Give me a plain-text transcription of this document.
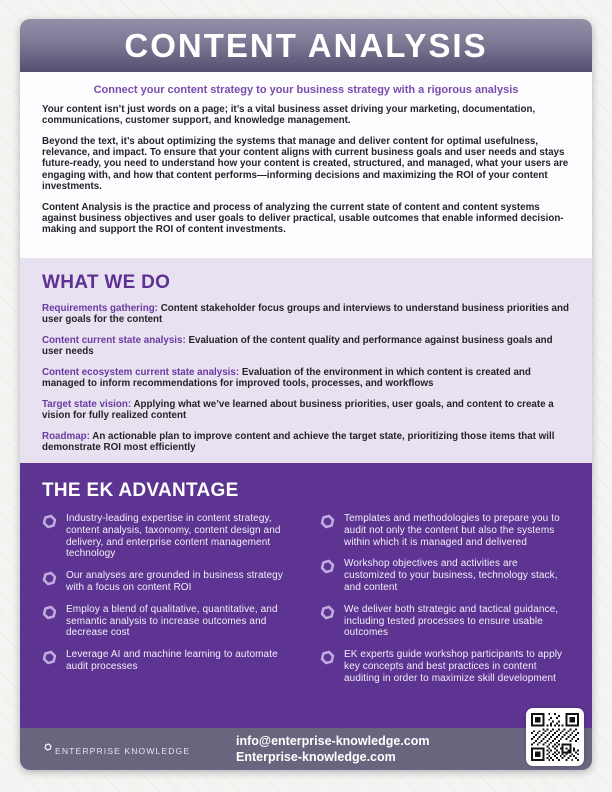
CONTENT ANALYSIS

Connect your content strategy to your business strategy with a rigorous analysis

Your content isn’t just words on a page; it’s a vital business asset driving your marketing, documentation, communications, customer support, and knowledge management.

Beyond the text, it’s about optimizing the systems that manage and deliver content for optimal usefulness, relevance, and impact. To ensure that your content aligns with current business goals and user needs and stays future-ready, you need to understand how your content is created, structured, and managed, what your users are engaging with, and how that content performs—informing decisions and maximizing the ROI of your content investments.

Content Analysis is the practice and process of analyzing the current state of content and content systems against business objectives and user goals to deliver practical, usable outcomes that enable informed decision-making and support the ROI of content investments.

WHAT WE DO

Requirements gathering: Content stakeholder focus groups and interviews to understand business priorities and user goals for the content

Content current state analysis: Evaluation of the content quality and performance against business goals and user needs

Content ecosystem current state analysis: Evaluation of the environment in which content is created and managed to inform recommendations for improved tools, processes, and workflows

Target state vision: Applying what we’ve learned about business priorities, user goals, and content to create a vision for fully realized content

Roadmap: An actionable plan to improve content and achieve the target state, prioritizing those items that will demonstrate ROI most efficiently

THE EK ADVANTAGE

Industry-leading expertise in content strategy, content analysis, taxonomy, content design and delivery, and enterprise content management technology

Our analyses are grounded in business strategy with a focus on content ROI

Employ a blend of qualitative, quantitative, and semantic analysis to increase outcomes and decrease cost

Leverage AI and machine learning to automate audit processes

Templates and methodologies to prepare you to audit not only the content but also the systems within which it is managed and delivered

Workshop objectives and activities are customized to your business, technology stack, and content

We deliver both strategic and tactical guidance, including tested processes to ensure usable outcomes

EK experts guide workshop participants to apply key concepts and best practices in content auditing in order to maximize skill development

ENTERPRISE KNOWLEDGE
info@enterprise-knowledge.com
Enterprise-knowledge.com
